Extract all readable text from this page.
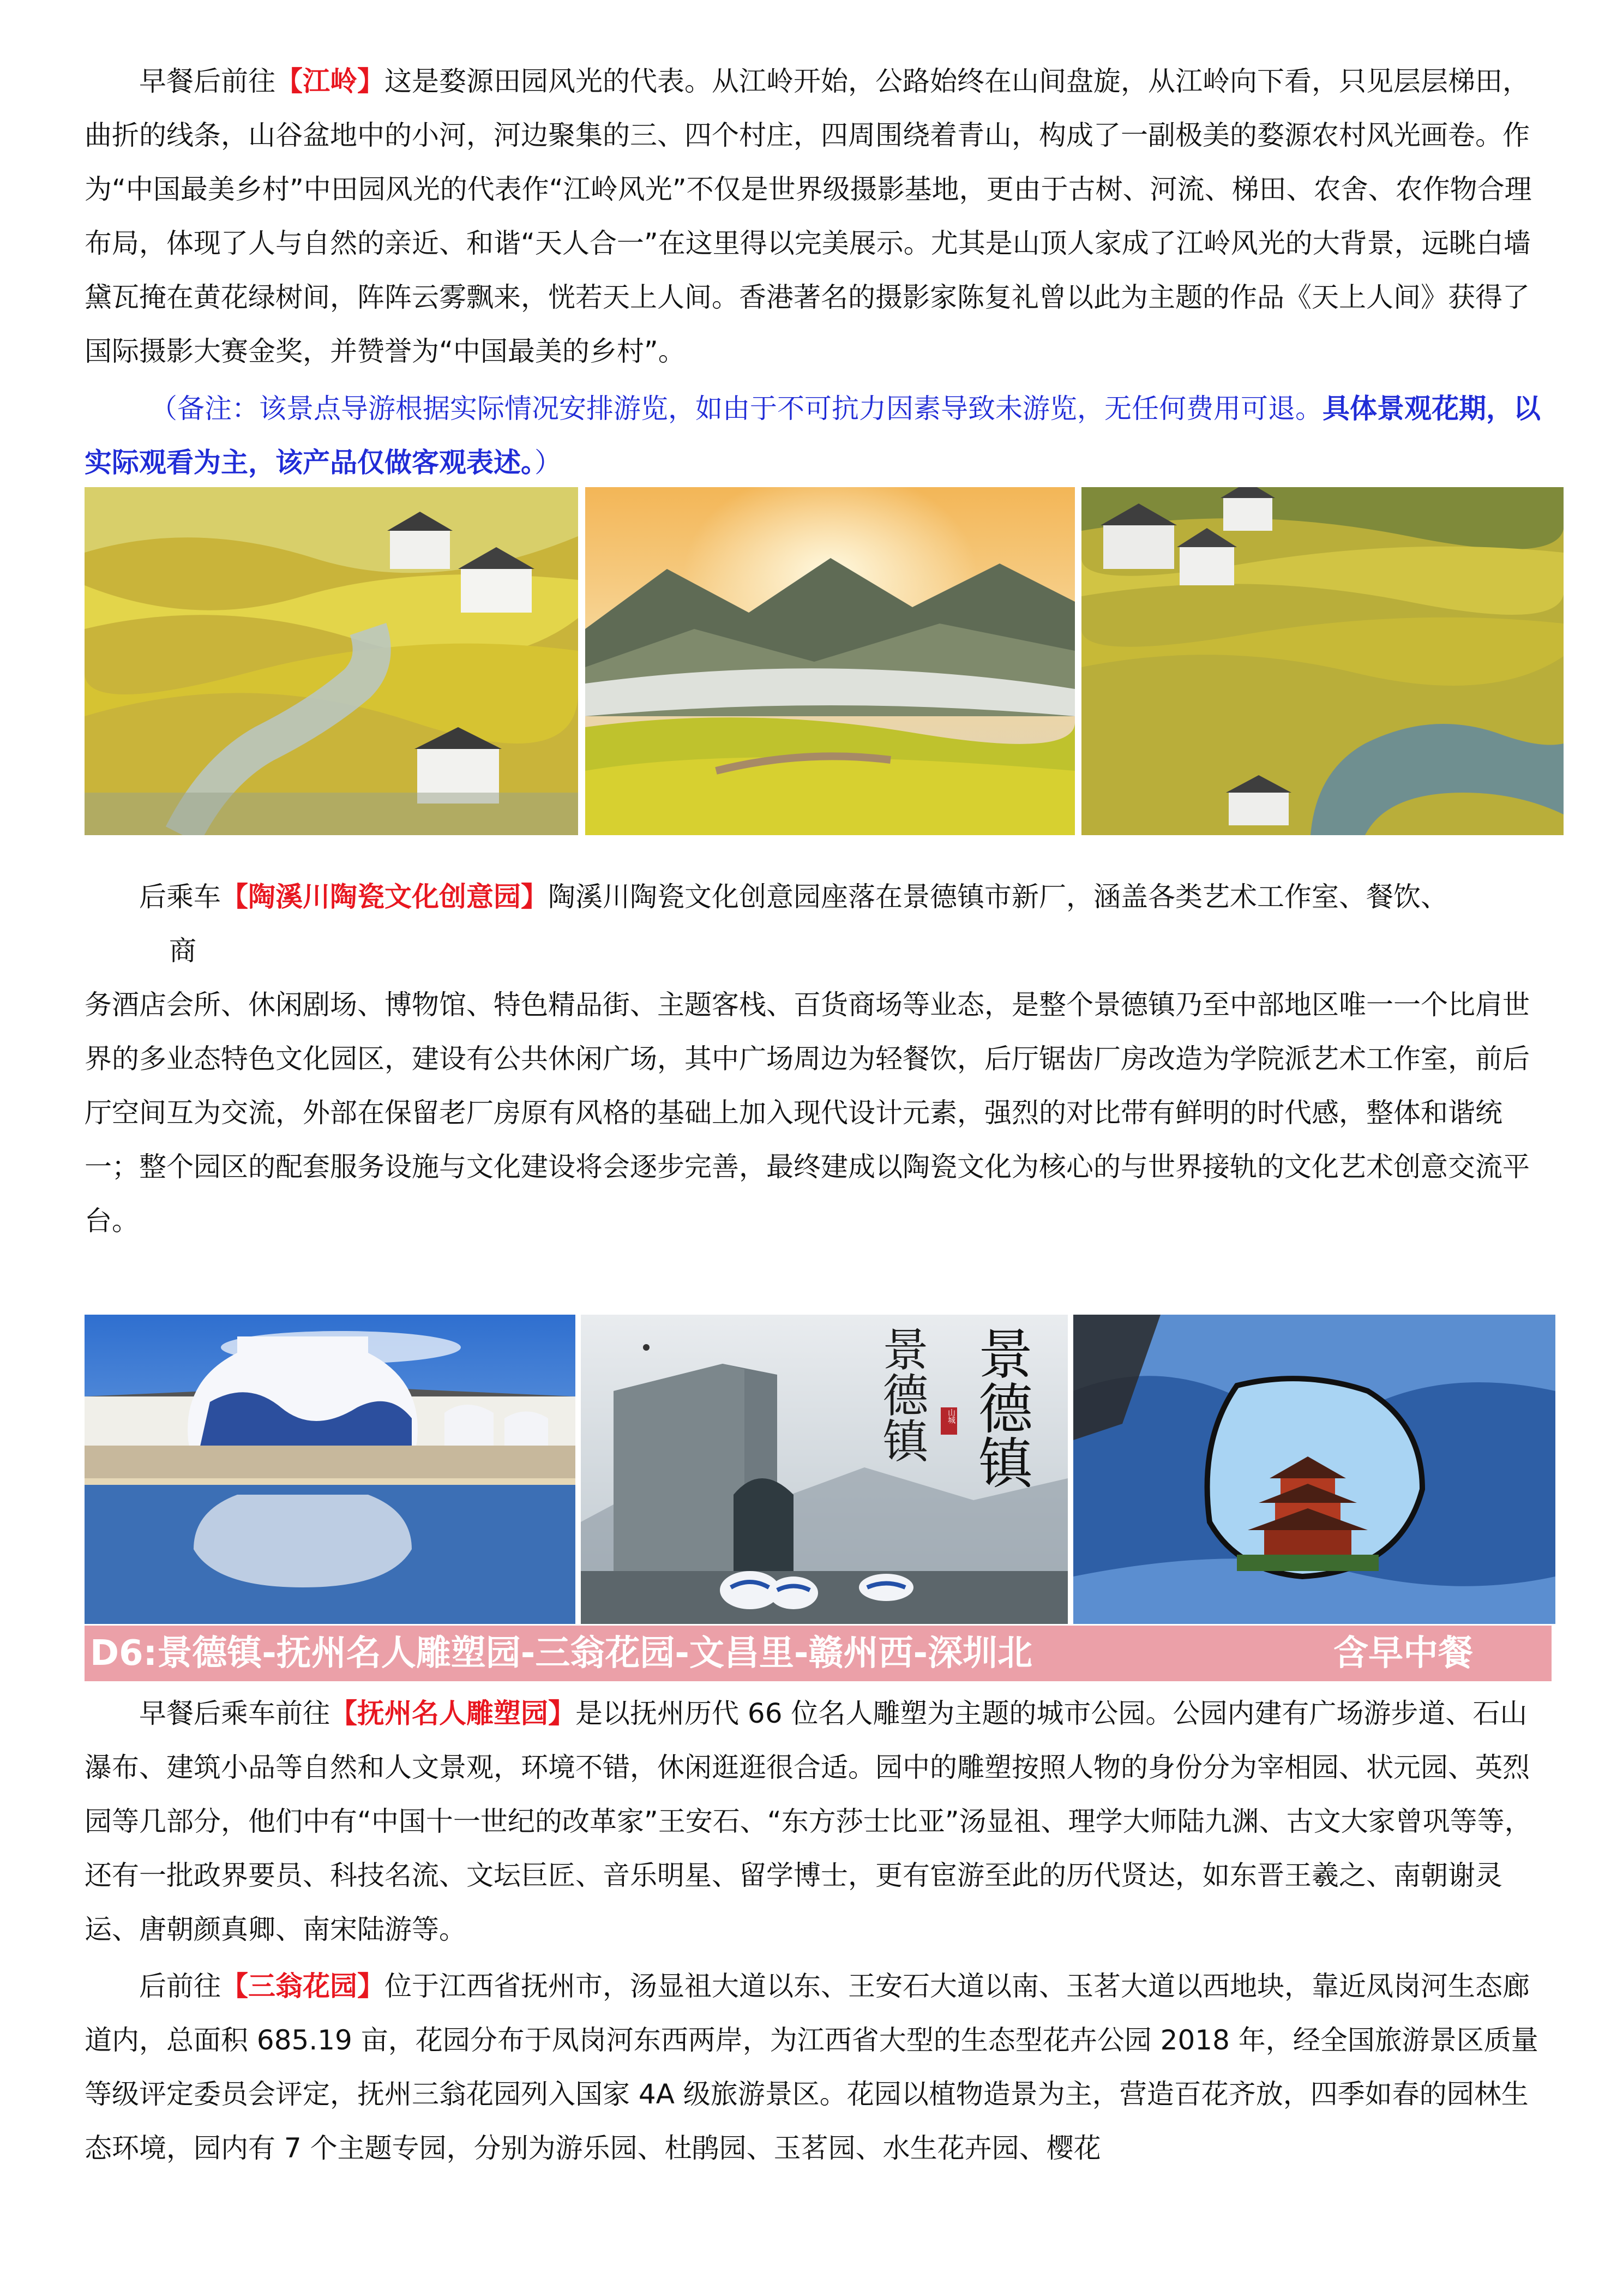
早餐后前往【江岭】这是婺源田园风光的代表。从江岭开始，公路始终在山间盘旋，从江岭向下看，只见层层梯田，曲折的线条，山谷盆地中的小河，河边聚集的三、四个村庄，四周围绕着青山，构成了一副极美的婺源农村风光画卷。作为“中国最美乡村”中田园风光的代表作“江岭风光”不仅是世界级摄影基地，更由于古树、河流、梯田、农舍、农作物合理布局，体现了人与自然的亲近、和谐“天人合一”在这里得以完美展示。尤其是山顶人家成了江岭风光的大背景，远眺白墙黛瓦掩在黄花绿树间，阵阵云雾飘来，恍若天上人间。香港著名的摄影家陈复礼曾以此为主题的作品《天上人间》获得了国际摄影大赛金奖，并赞誉为“中国最美的乡村”。

（备注：该景点导游根据实际情况安排游览，如由于不可抗力因素导致未游览，无任何费用可退。具体景观花期，以实际观看为主，该产品仅做客观表述。）

后乘车【陶溪川陶瓷文化创意园】陶溪川陶瓷文化创意园座落在景德镇市新厂，涵盖各类艺术工作室、餐饮、
商
务酒店会所、休闲剧场、博物馆、特色精品街、主题客栈、百货商场等业态，是整个景德镇乃至中部地区唯一一个比肩世界的多业态特色文化园区，建设有公共休闲广场，其中广场周边为轻餐饮，后厅锯齿厂房改造为学院派艺术工作室，前后厅空间互为交流，外部在保留老厂房原有风格的基础上加入现代设计元素，强烈的对比带有鲜明的时代感，整体和谐统一；整个园区的配套服务设施与文化建设将会逐步完善，最终建成以陶瓷文化为核心的与世界接轨的文化艺术创意交流平台。
景德镇 景德镇
山城
D6:景德镇-抚州名人雕塑园-三翁花园-文昌里-赣州西-深圳北	含早中餐

早餐后乘车前往【抚州名人雕塑园】是以抚州历代 66 位名人雕塑为主题的城市公园。公园内建有广场游步道、石山瀑布、建筑小品等自然和人文景观，环境不错，休闲逛逛很合适。园中的雕塑按照人物的身份分为宰相园、状元园、英烈园等几部分，他们中有“中国十一世纪的改革家”王安石、“东方莎士比亚”汤显祖、理学大师陆九渊、古文大家曾巩等等，还有一批政界要员、科技名流、文坛巨匠、音乐明星、留学博士，更有宦游至此的历代贤达，如东晋王羲之、南朝谢灵运、唐朝颜真卿、南宋陆游等。

后前往【三翁花园】位于江西省抚州市，汤显祖大道以东、王安石大道以南、玉茗大道以西地块，靠近凤岗河生态廊道内，总面积 685.19 亩，花园分布于凤岗河东西两岸，为江西省大型的生态型花卉公园 2018 年，经全国旅游景区质量等级评定委员会评定，抚州三翁花园列入国家 4A 级旅游景区。花园以植物造景为主，营造百花齐放，四季如春的园林生态环境，园内有 7 个主题专园，分别为游乐园、杜鹃园、玉茗园、水生花卉园、樱花
